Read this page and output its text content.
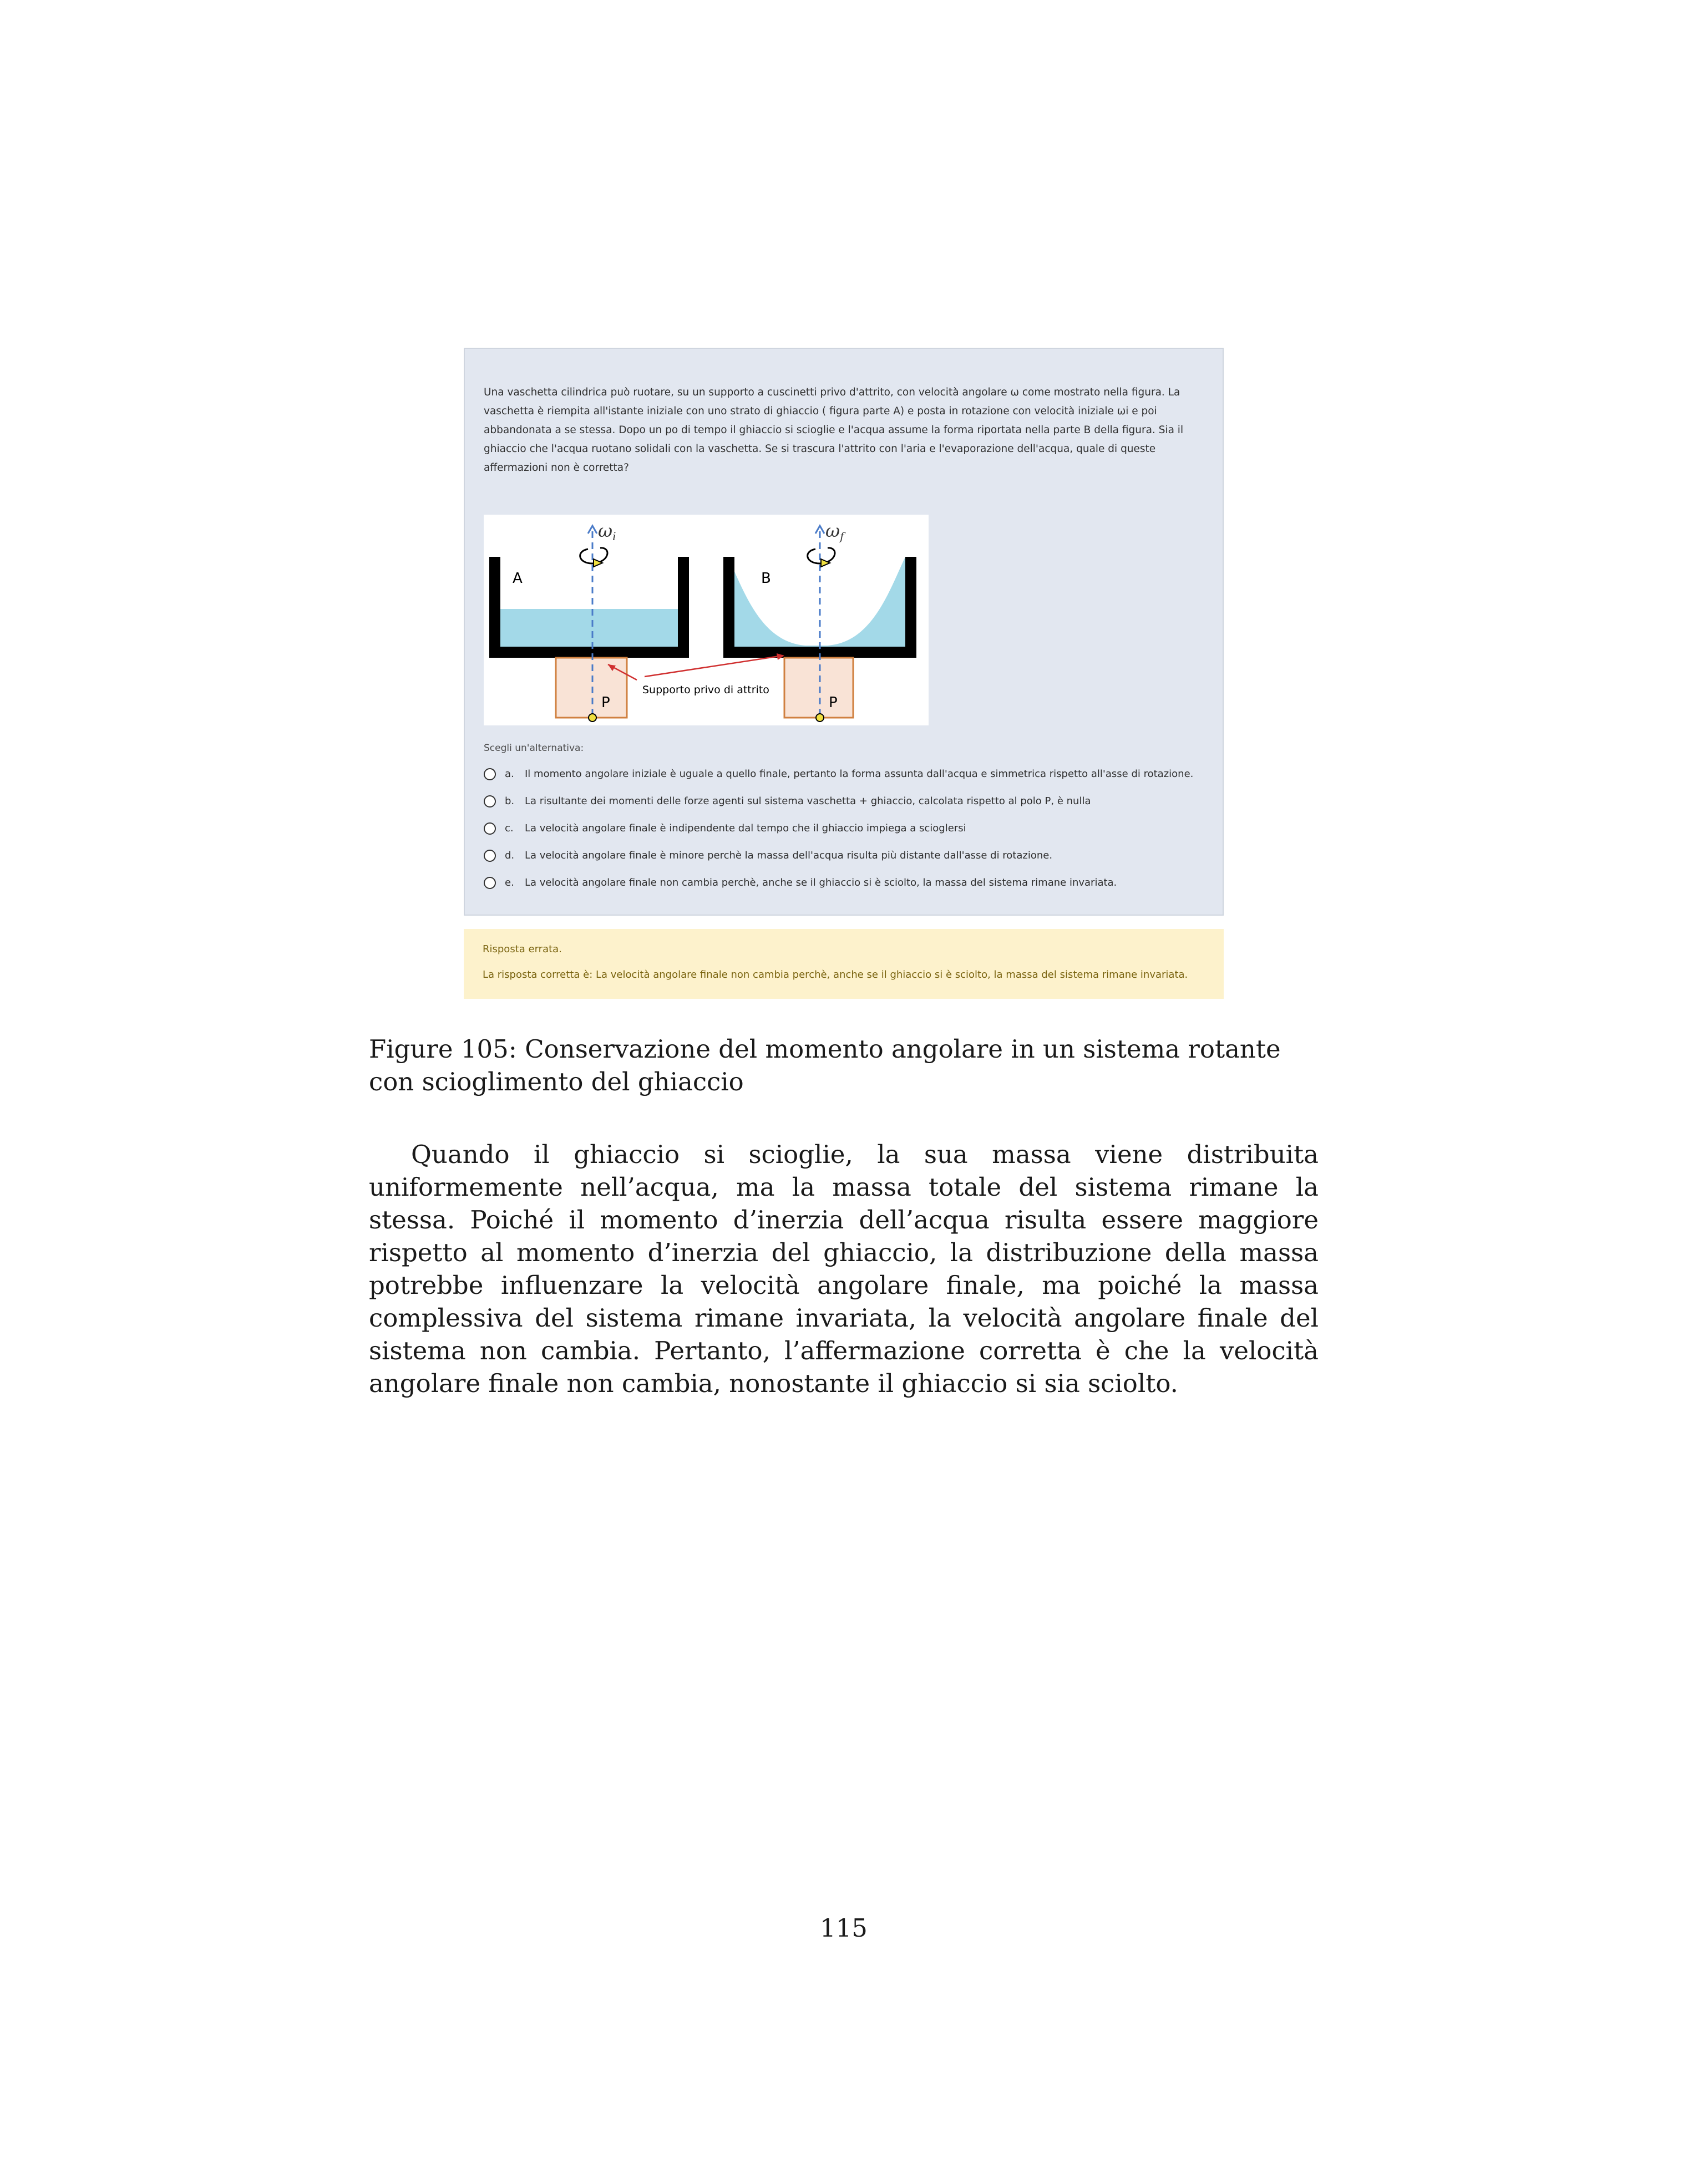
Una vaschetta cilindrica può ruotare, su un supporto a cuscinetti privo d'attrito, con velocità angolare ω come mostrato nella figura. La vaschetta è riempita all'istante iniziale con uno strato di ghiaccio ( figura parte A) e posta in rotazione con velocità iniziale ωi e poi abbandonata a se stessa. Dopo un po di tempo il ghiaccio si scioglie e l'acqua assume la forma riportata nella parte B della figura. Sia il ghiaccio che l'acqua ruotano solidali con la vaschetta. Se si trascura l'attrito con l'aria e l'evaporazione dell'acqua, quale di queste affermazioni non è corretta?
A
P
ωi
B
P
ωf
Supporto privo di attrito
Scegli un'alternativa:
a. Il momento angolare iniziale è uguale a quello finale, pertanto la forma assunta dall'acqua e simmetrica rispetto all'asse di rotazione.
b. La risultante dei momenti delle forze agenti sul sistema vaschetta + ghiaccio, calcolata rispetto al polo P, è nulla
c. La velocità angolare finale è indipendente dal tempo che il ghiaccio impiega a scioglersi
d. La velocità angolare finale è minore perchè la massa dell'acqua risulta più distante dall'asse di rotazione.
e. La velocità angolare finale non cambia perchè, anche se il ghiaccio si è sciolto, la massa del sistema rimane invariata.
Risposta errata.
La risposta corretta è: La velocità angolare finale non cambia perchè, anche se il ghiaccio si è sciolto, la massa del sistema rimane invariata.
Figure 105: Conservazione del momento angolare in un sistema rotante con scioglimento del ghiaccio
Quando il ghiaccio si scioglie, la sua massa viene distribuita uniformemente nell’acqua, ma la massa totale del sistema rimane la stessa. Poiché il momento d’inerzia dell’acqua risulta essere maggiore rispetto al momento d’inerzia del ghiaccio, la distribuzione della massa potrebbe influenzare la velocità angolare finale, ma poiché la massa complessiva del sistema rimane invariata, la velocità angolare finale del sistema non cambia. Pertanto, l’affermazione corretta è che la velocità angolare finale non cambia, nonostante il ghiaccio si sia sciolto.
115
